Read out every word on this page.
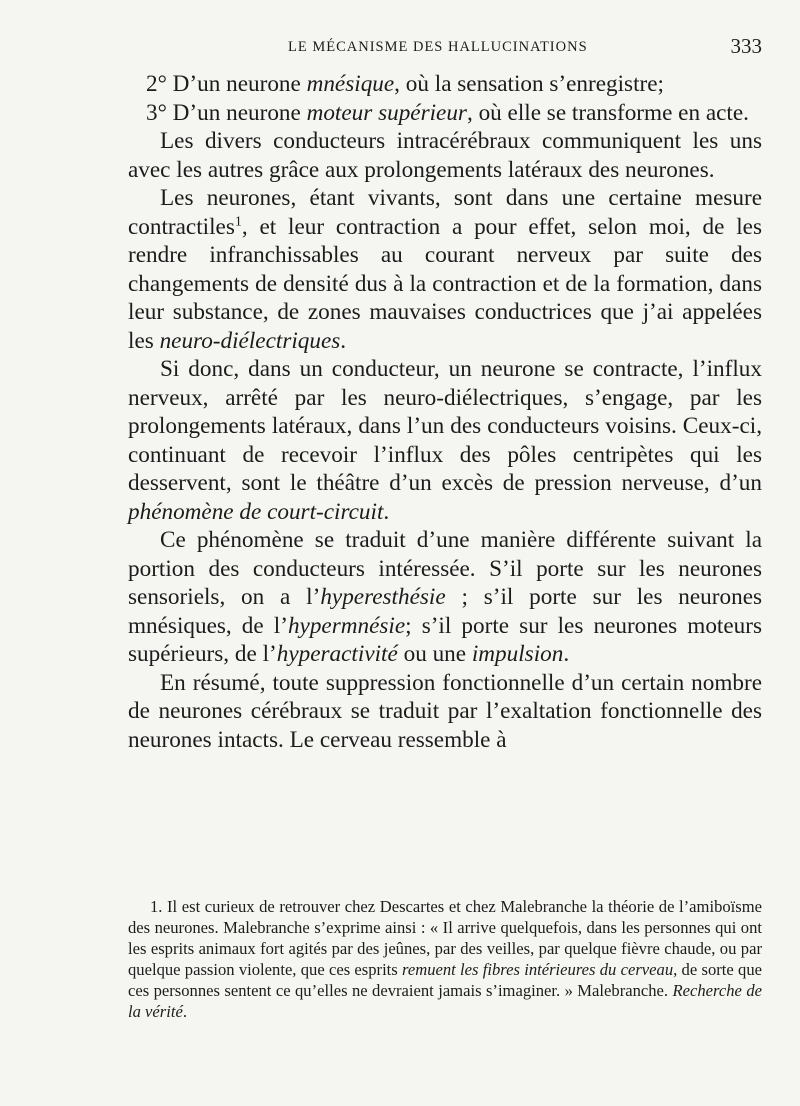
LE MÉCANISME DES HALLUCINATIONS	333

2° D’un neurone mnésique, où la sensation s’enregistre;

3° D’un neurone moteur supérieur, où elle se transforme en acte.

Les divers conducteurs intracérébraux communiquent les uns avec les autres grâce aux prolongements latéraux des neurones.

Les neurones, étant vivants, sont dans une certaine mesure contractiles$^1$, et leur contraction a pour effet, selon moi, de les rendre infranchissables au courant nerveux par suite des changements de densité dus à la contraction et de la formation, dans leur substance, de zones mauvaises conductrices que j’ai appelées les neuro-diélectriques.

Si donc, dans un conducteur, un neurone se contracte, l’influx nerveux, arrêté par les neuro-diélectriques, s’engage, par les prolongements latéraux, dans l’un des conducteurs voisins. Ceux-ci, continuant de recevoir l’influx des pôles centripètes qui les desservent, sont le théâtre d’un excès de pression nerveuse, d’un phénomène de court-circuit.

Ce phénomène se traduit d’une manière différente suivant la portion des conducteurs intéressée. S’il porte sur les neurones sensoriels, on a l’hyperesthésie ; s’il porte sur les neurones mnésiques, de l’hypermnésie; s’il porte sur les neurones moteurs supérieurs, de l’hyperactivité ou une impulsion.

En résumé, toute suppression fonctionnelle d’un certain nombre de neurones cérébraux se traduit par l’exaltation fonctionnelle des neurones intacts. Le cerveau ressemble à

1. Il est curieux de retrouver chez Descartes et chez Malebranche la théorie de l’amiboïsme des neurones. Malebranche s’exprime ainsi : « Il arrive quelquefois, dans les personnes qui ont les esprits animaux fort agités par des jeûnes, par des veilles, par quelque fièvre chaude, ou par quelque passion violente, que ces esprits remuent les fibres intérieures du cerveau, de sorte que ces personnes sentent ce qu’elles ne devraient jamais s’imaginer. » Malebranche. Recherche de la vérité.
